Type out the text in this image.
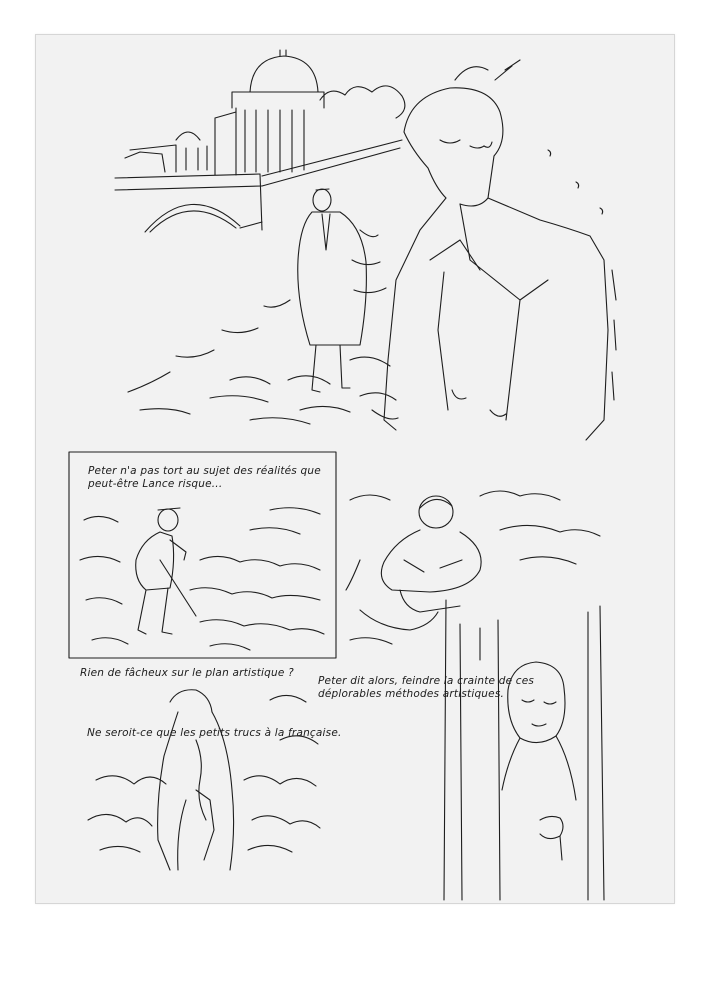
Peter n'a pas tort au sujet des réalités que peut-être Lance risque...
Rien de fâcheux sur le plan artistique ?
Peter dit alors, feindre la crainte de ces déplorables méthodes artistiques.
Ne seroit-ce que les petits trucs à la française.
